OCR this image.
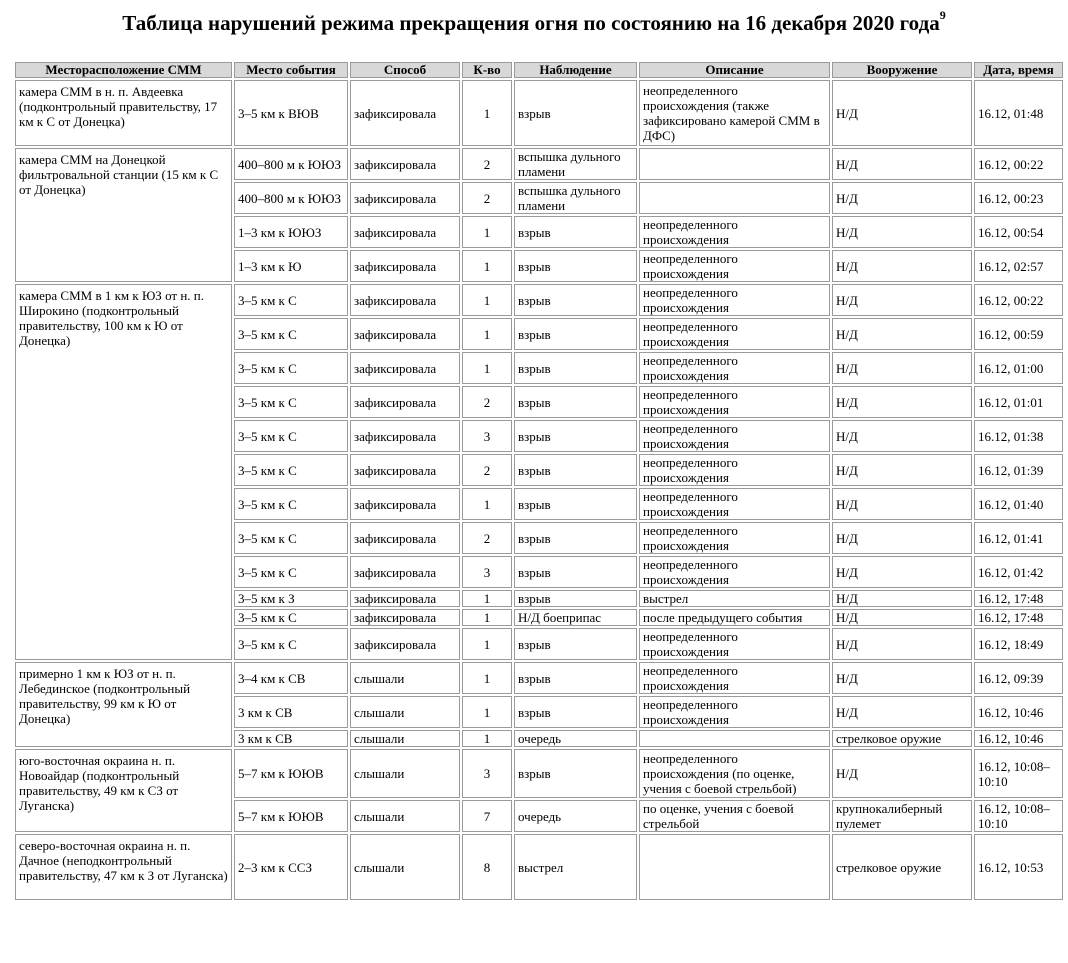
Таблица нарушений режима прекращения огня по состоянию на 16 декабря 2020 года$^9$
Месторасположение СММ	Место события	Способ	К-во	Наблюдение	Описание	Вооружение	Дата, время
камера СММ в н. п. Авдеевка (подконтрольный правительству, 17 км к С от Донецка)	3–5 км к ВЮВ	зафиксировала	1	взрыв	неопределенного происхождения (также зафиксировано камерой СММ в ДФС)	Н/Д	16.12, 01:48
камера СММ на Донецкой фильтровальной станции (15 км к С от Донецка)	400–800 м к ЮЮЗ	зафиксировала	2	вспышка дульного пламени		Н/Д	16.12, 00:22
	400–800 м к ЮЮЗ	зафиксировала	2	вспышка дульного пламени		Н/Д	16.12, 00:23
	1–3 км к ЮЮЗ	зафиксировала	1	взрыв	неопределенного происхождения	Н/Д	16.12, 00:54
	1–3 км к Ю	зафиксировала	1	взрыв	неопределенного происхождения	Н/Д	16.12, 02:57
камера СММ в 1 км к ЮЗ от н. п. Широкино (подконтрольный правительству, 100 км к Ю от Донецка)	3–5 км к С	зафиксировала	1	взрыв	неопределенного происхождения	Н/Д	16.12, 00:22
	3–5 км к С	зафиксировала	1	взрыв	неопределенного происхождения	Н/Д	16.12, 00:59
	3–5 км к С	зафиксировала	1	взрыв	неопределенного происхождения	Н/Д	16.12, 01:00
	3–5 км к С	зафиксировала	2	взрыв	неопределенного происхождения	Н/Д	16.12, 01:01
	3–5 км к С	зафиксировала	3	взрыв	неопределенного происхождения	Н/Д	16.12, 01:38
	3–5 км к С	зафиксировала	2	взрыв	неопределенного происхождения	Н/Д	16.12, 01:39
	3–5 км к С	зафиксировала	1	взрыв	неопределенного происхождения	Н/Д	16.12, 01:40
	3–5 км к С	зафиксировала	2	взрыв	неопределенного происхождения	Н/Д	16.12, 01:41
	3–5 км к С	зафиксировала	3	взрыв	неопределенного происхождения	Н/Д	16.12, 01:42
	3–5 км к З	зафиксировала	1	взрыв	выстрел	Н/Д	16.12, 17:48
	3–5 км к С	зафиксировала	1	Н/Д боеприпас	после предыдущего события	Н/Д	16.12, 17:48
	3–5 км к С	зафиксировала	1	взрыв	неопределенного происхождения	Н/Д	16.12, 18:49
примерно 1 км к ЮЗ от н. п. Лебединское (подконтрольный правительству, 99 км к Ю от Донецка)	3–4 км к СВ	слышали	1	взрыв	неопределенного происхождения	Н/Д	16.12, 09:39
	3 км к СВ	слышали	1	взрыв	неопределенного происхождения	Н/Д	16.12, 10:46
	3 км к СВ	слышали	1	очередь		стрелковое оружие	16.12, 10:46
юго-восточная окраина н. п. Новоайдар (подконтрольный правительству, 49 км к СЗ от Луганска)	5–7 км к ЮЮВ	слышали	3	взрыв	неопределенного происхождения (по оценке, учения с боевой стрельбой)	Н/Д	16.12, 10:08–10:10
	5–7 км к ЮЮВ	слышали	7	очередь	по оценке, учения с боевой стрельбой	крупнокалиберный пулемет	16.12, 10:08–10:10
северо-восточная окраина н. п. Дачное (неподконтрольный правительству, 47 км к З от Луганска)	2–3 км к ССЗ	слышали	8	выстрел		стрелковое оружие	16.12, 10:53
